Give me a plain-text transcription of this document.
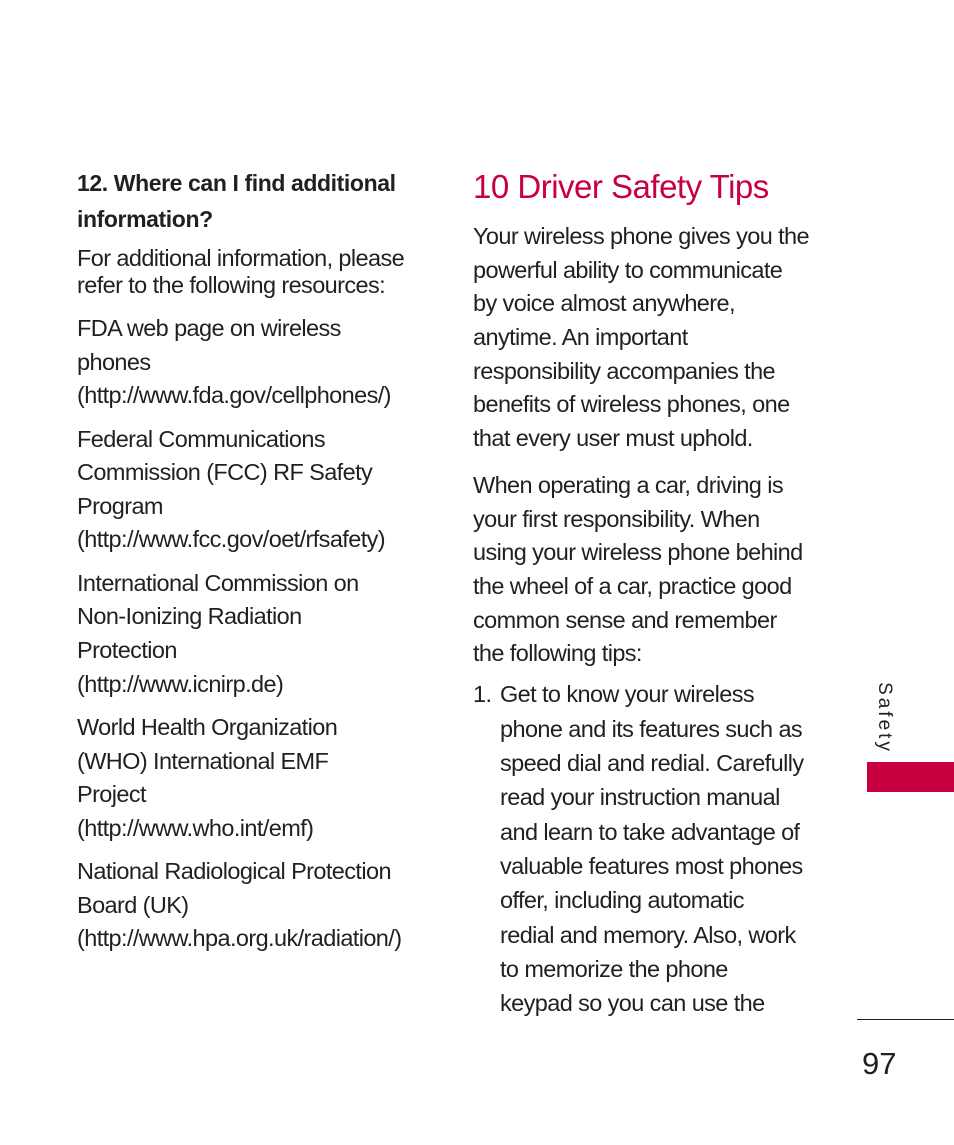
12. Where can I find additional
information?
For additional information, please
refer to the following resources:
FDA web page on wireless
phones
(http://www.fda.gov/cellphones/)
Federal Communications
Commission (FCC) RF Safety
Program
(http://www.fcc.gov/oet/rfsafety)
International Commission on
Non-Ionizing Radiation
Protection
(http://www.icnirp.de)
World Health Organization
(WHO) International EMF
Project
(http://www.who.int/emf)
National Radiological Protection
Board (UK)
(http://www.hpa.org.uk/radiation/)
10 Driver Safety Tips
Your wireless phone gives you the
powerful ability to communicate
by voice almost anywhere,
anytime. An important
responsibility accompanies the
benefits of wireless phones, one
that every user must uphold.
When operating a car, driving is
your first responsibility. When
using your wireless phone behind
the wheel of a car, practice good
common sense and remember
the following tips:
1. Get to know your wireless
phone and its features such as
speed dial and redial. Carefully
read your instruction manual
and learn to take advantage of
valuable features most phones
offer, including automatic
redial and memory. Also, work
to memorize the phone
keypad so you can use the
Safety
97
